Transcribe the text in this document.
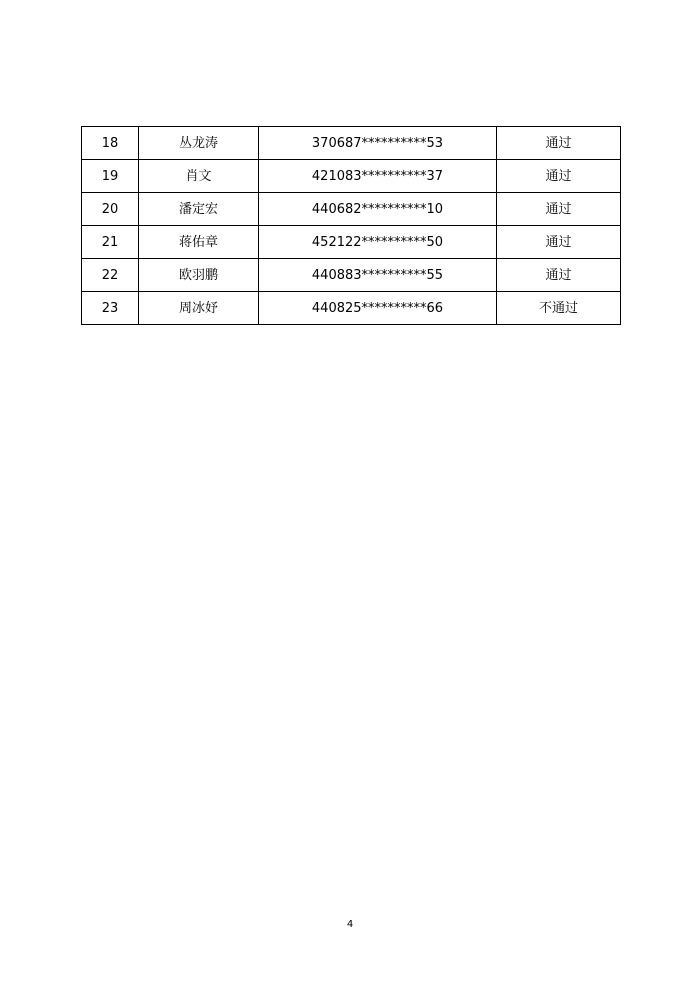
18	丛龙涛	370687**********53	通过
19	肖文	421083**********37	通过
20	潘定宏	440682**********10	通过
21	蒋佑章	452122**********50	通过
22	欧羽鹏	440883**********55	通过
23	周冰妤	440825**********66	不通过
4
